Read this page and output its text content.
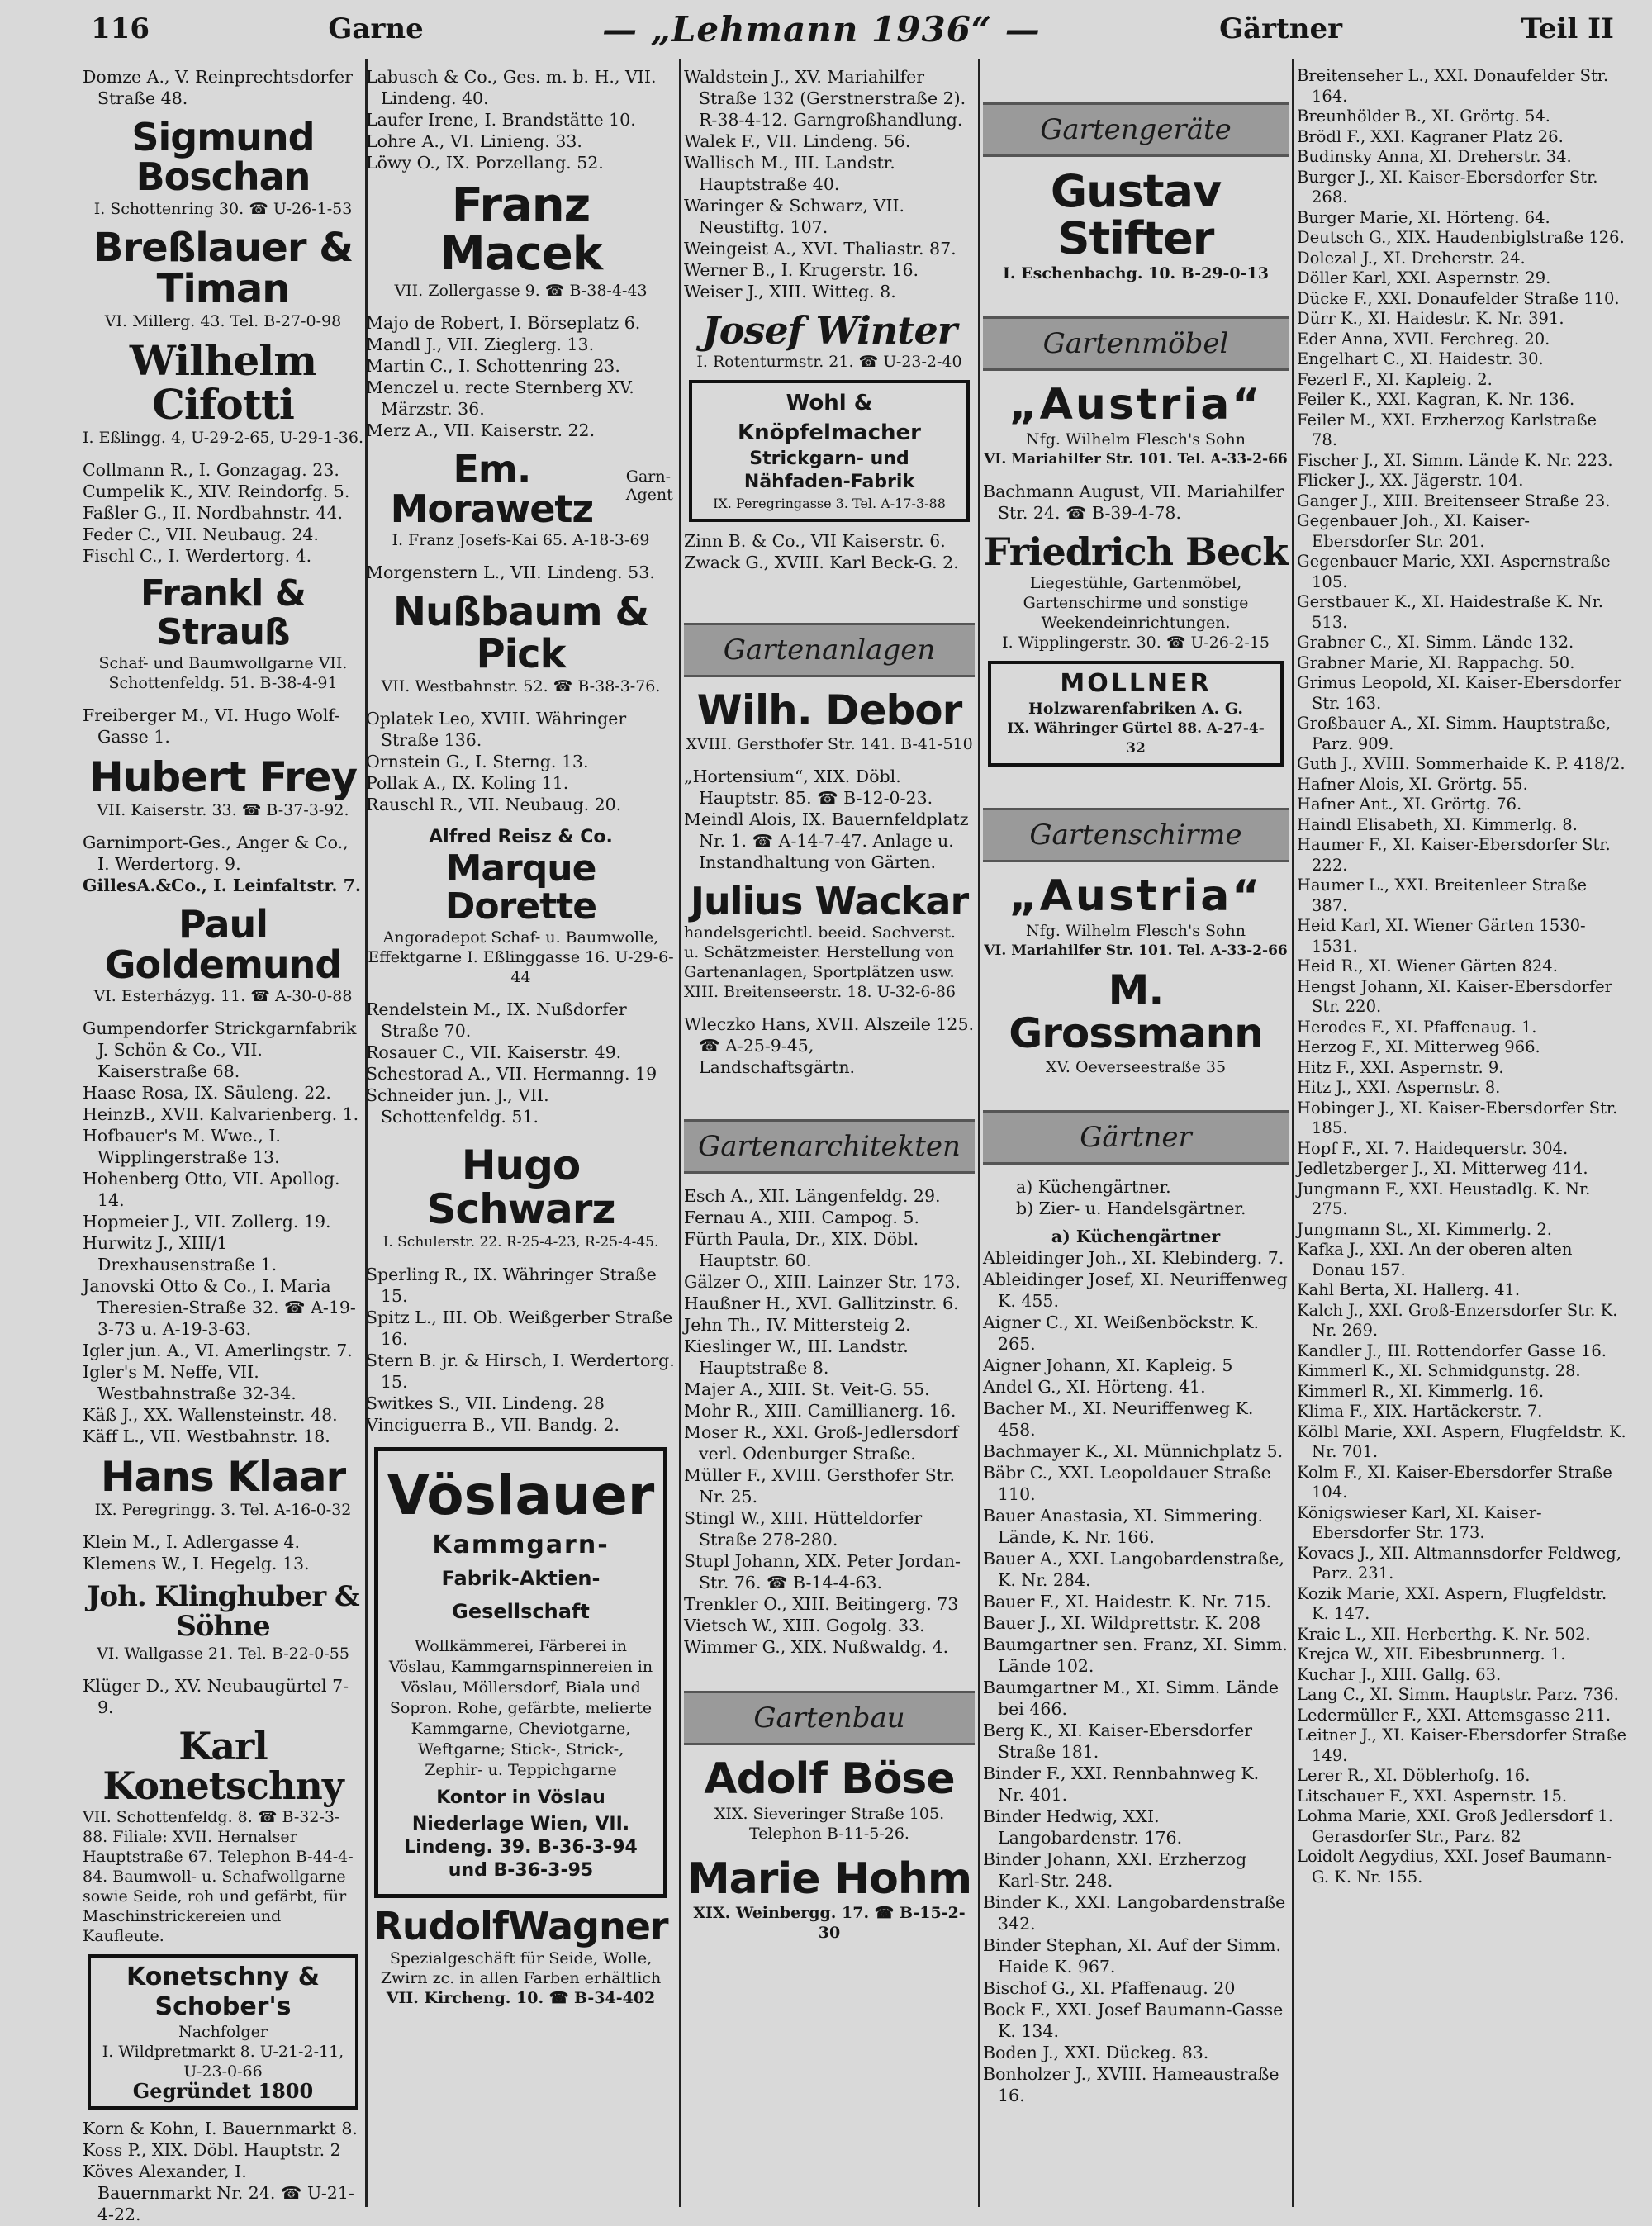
116	Garne	— „Lehmann 1936“ —	Gärtner	Teil II
Domze A., V. Reinprechtsdorfer Straße 48.
Sigmund Boschan
I. Schottenring 30. ☎ U-26-1-53
Breßlauer & Timan
VI. Millerg. 43. Tel. B-27-0-98
Wilhelm Cifotti
I. Eßlingg. 4, U-29-2-65, U-29-1-36.
Collmann R., I. Gonzagag. 23.
Cumpelik K., XIV. Reindorfg. 5.
Faßler G., II. Nordbahnstr. 44.
Feder C., VII. Neubaug. 24.
Fischl C., I. Werdertorg. 4.
Frankl & Strauß
Schaf- und Baumwollgarne VII. Schottenfeldg. 51. B-38-4-91
Freiberger M., VI. Hugo Wolf-Gasse 1.
Hubert Frey
VII. Kaiserstr. 33. ☎ B-37-3-92.
Garnimport-Ges., Anger & Co., I. Werdertorg. 9.
GillesA.&Co., I. Leinfaltstr. 7.
Paul Goldemund
VI. Esterházyg. 11. ☎ A-30-0-88
Gumpendorfer Strickgarnfabrik J. Schön & Co., VII. Kaiserstraße 68.
Haase Rosa, IX. Säuleng. 22.
HeinzB., XVII. Kalvarienberg. 1.
Hofbauer's M. Wwe., I. Wipplingerstraße 13.
Hohenberg Otto, VII. Apollog. 14.
Hopmeier J., VII. Zollerg. 19.
Hurwitz J., XIII/1 Drexhausenstraße 1.
Janovski Otto & Co., I. Maria Theresien-Straße 32. ☎ A-19-3-73 u. A-19-3-63.
Igler jun. A., VI. Amerlingstr. 7.
Igler's M. Neffe, VII. Westbahnstraße 32-34.
Käß J., XX. Wallensteinstr. 48.
Käff L., VII. Westbahnstr. 18.
Hans Klaar
IX. Peregringg. 3. Tel. A-16-0-32
Klein M., I. Adlergasse 4.
Klemens W., I. Hegelg. 13.
Joh. Klinghuber & Söhne
VI. Wallgasse 21. Tel. B-22-0-55
Klüger D., XV. Neubaugürtel 7-9.
Karl Konetschny
VII. Schottenfeldg. 8. ☎ B-32-3-88. Filiale: XVII. Hernalser Hauptstraße 67. Telephon B-44-4-84. Baumwoll- u. Schafwollgarne sowie Seide, roh und gefärbt, für Maschinstrickereien und Kaufleute.
Konetschny & Schober's
Nachfolger
I. Wildpretmarkt 8. U-21-2-11, U-23-0-66
Gegründet 1800
Korn & Kohn, I. Bauernmarkt 8.
Koss P., XIX. Döbl. Hauptstr. 2
Köves Alexander, I. Bauernmarkt Nr. 24. ☎ U-21-4-22.
Labusch & Co., Ges. m. b. H., VII. Lindeng. 40.
Laufer Irene, I. Brandstätte 10.
Lohre A., VI. Linieng. 33.
Löwy O., IX. Porzellang. 52.
Franz Macek
VII. Zollergasse 9. ☎ B-38-4-43
Majo de Robert, I. Börseplatz 6.
Mandl J., VII. Zieglerg. 13.
Martin C., I. Schottenring 23.
Menczel u. recte Sternberg XV. Märzstr. 36.
Merz A., VII. Kaiserstr. 22.
Em. Morawetz
Garn-Agent
I. Franz Josefs-Kai 65. A-18-3-69
Morgenstern L., VII. Lindeng. 53.
Nußbaum & Pick
VII. Westbahnstr. 52. ☎ B-38-3-76.
Oplatek Leo, XVIII. Währinger Straße 136.
Ornstein G., I. Sterng. 13.
Pollak A., IX. Koling 11.
Rauschl R., VII. Neubaug. 20.
Alfred Reisz & Co.
Marque Dorette
Angoradepot Schaf- u. Baumwolle, Effektgarne I. Eßlinggasse 16. U-29-6-44
Rendelstein M., IX. Nußdorfer Straße 70.
Rosauer C., VII. Kaiserstr. 49.
Schestorad A., VII. Hermanng. 19
Schneider jun. J., VII. Schottenfeldg. 51.
Hugo Schwarz
I. Schulerstr. 22. R-25-4-23, R-25-4-45.
Sperling R., IX. Währinger Straße 15.
Spitz L., III. Ob. Weißgerber Straße 16.
Stern B. jr. & Hirsch, I. Werdertorg. 15.
Switkes S., VII. Lindeng. 28
Vinciguerra B., VII. Bandg. 2.
Vöslauer
Kammgarn-
Fabrik-Aktien-Gesellschaft
Wollkämmerei, Färberei in Vöslau, Kammgarnspinnereien in Vöslau, Möllersdorf, Biala und Sopron. Rohe, gefärbte, melierte Kammgarne, Cheviotgarne, Weftgarne; Stick-, Strick-, Zephir- u. Teppichgarne
Kontor in Vöslau
Niederlage Wien, VII. Lindeng. 39. B-36-3-94 und B-36-3-95
RudolfWagner
Spezialgeschäft für Seide, Wolle, Zwirn zc. in allen Farben erhältlich
VII. Kircheng. 10. ☎ B-34-402
Waldstein J., XV. Mariahilfer Straße 132 (Gerstnerstraße 2). R-38-4-12. Garngroßhandlung.
Walek F., VII. Lindeng. 56.
Wallisch M., III. Landstr. Hauptstraße 40.
Waringer & Schwarz, VII. Neustiftg. 107.
Weingeist A., XVI. Thaliastr. 87.
Werner B., I. Krugerstr. 16.
Weiser J., XIII. Witteg. 8.
Josef Winter
I. Rotenturmstr. 21. ☎ U-23-2-40
Wohl & Knöpfelmacher
Strickgarn- und Nähfaden-Fabrik
IX. Peregringasse 3. Tel. A-17-3-88
Zinn B. & Co., VII Kaiserstr. 6.
Zwack G., XVIII. Karl Beck-G. 2.
Gartenanlagen
Wilh. Debor
XVIII. Gersthofer Str. 141. B-41-510
„Hortensium“, XIX. Döbl. Hauptstr. 85. ☎ B-12-0-23.
Meindl Alois, IX. Bauernfeldplatz Nr. 1. ☎ A-14-7-47. Anlage u. Instandhaltung von Gärten.
Julius Wackar
handelsgerichtl. beeid. Sachverst. u. Schätzmeister. Herstellung von Gartenanlagen, Sportplätzen usw. XIII. Breitenseerstr. 18. U-32-6-86
Wleczko Hans, XVII. Alszeile 125. ☎ A-25-9-45, Landschaftsgärtn.
Gartenarchitekten
Esch A., XII. Längenfeldg. 29.
Fernau A., XIII. Campog. 5.
Fürth Paula, Dr., XIX. Döbl. Hauptstr. 60.
Gälzer O., XIII. Lainzer Str. 173.
Haußner H., XVI. Gallitzinstr. 6.
Jehn Th., IV. Mittersteig 2.
Kieslinger W., III. Landstr. Hauptstraße 8.
Majer A., XIII. St. Veit-G. 55.
Mohr R., XIII. Camillianerg. 16.
Moser R., XXI. Groß-Jedlersdorf verl. Odenburger Straße.
Müller F., XVIII. Gersthofer Str. Nr. 25.
Stingl W., XIII. Hütteldorfer Straße 278-280.
Stupl Johann, XIX. Peter Jordan-Str. 76. ☎ B-14-4-63.
Trenkler O., XIII. Beitingerg. 73
Vietsch W., XIII. Gogolg. 33.
Wimmer G., XIX. Nußwaldg. 4.
Gartenbau
Adolf Böse
XIX. Sieveringer Straße 105. Telephon B-11-5-26.
Marie Hohm
XIX. Weinbergg. 17. ☎ B-15-2-30
Gartengeräte
Gustav Stifter
I. Eschenbachg. 10. B-29-0-13
Gartenmöbel
„Austria“
Nfg. Wilhelm Flesch's Sohn
VI. Mariahilfer Str. 101. Tel. A-33-2-66
Bachmann August, VII. Mariahilfer Str. 24. ☎ B-39-4-78.
Friedrich Beck
Liegestühle, Gartenmöbel, Gartenschirme und sonstige Weekendeinrichtungen.
I. Wipplingerstr. 30. ☎ U-26-2-15
MOLLNER
Holzwarenfabriken A. G.
IX. Währinger Gürtel 88. A-27-4-32
Gartenschirme
„Austria“
Nfg. Wilhelm Flesch's Sohn
VI. Mariahilfer Str. 101. Tel. A-33-2-66
M. Grossmann
XV. Oeverseestraße 35
Gärtner
a) Küchengärtner.
b) Zier- u. Handelsgärtner.
a) Küchengärtner
Ableidinger Joh., XI. Klebinderg. 7.
Ableidinger Josef, XI. Neuriffenweg K. 455.
Aigner C., XI. Weißenböckstr. K. 265.
Aigner Johann, XI. Kapleig. 5
Andel G., XI. Hörteng. 41.
Bacher M., XI. Neuriffenweg K. 458.
Bachmayer K., XI. Münnichplatz 5.
Bäbr C., XXI. Leopoldauer Straße 110.
Bauer Anastasia, XI. Simmering. Lände, K. Nr. 166.
Bauer A., XXI. Langobardenstraße, K. Nr. 284.
Bauer F., XI. Haidestr. K. Nr. 715.
Bauer J., XI. Wildprettstr. K. 208
Baumgartner sen. Franz, XI. Simm. Lände 102.
Baumgartner M., XI. Simm. Lände bei 466.
Berg K., XI. Kaiser-Ebersdorfer Straße 181.
Binder F., XXI. Rennbahnweg K. Nr. 401.
Binder Hedwig, XXI. Langobardenstr. 176.
Binder Johann, XXI. Erzherzog Karl-Str. 248.
Binder K., XXI. Langobardenstraße 342.
Binder Stephan, XI. Auf der Simm. Haide K. 967.
Bischof G., XI. Pfaffenaug. 20
Bock F., XXI. Josef Baumann-Gasse K. 134.
Boden J., XXI. Dückeg. 83.
Bonholzer J., XVIII. Hameaustraße 16.
Breitenseher L., XXI. Donaufelder Str. 164.
Breunhölder B., XI. Grörtg. 54.
Brödl F., XXI. Kagraner Platz 26.
Budinsky Anna, XI. Dreherstr. 34.
Burger J., XI. Kaiser-Ebersdorfer Str. 268.
Burger Marie, XI. Hörteng. 64.
Deutsch G., XIX. Haudenbiglstraße 126.
Dolezal J., XI. Dreherstr. 24.
Döller Karl, XXI. Aspernstr. 29.
Dücke F., XXI. Donaufelder Straße 110.
Dürr K., XI. Haidestr. K. Nr. 391.
Eder Anna, XVII. Ferchreg. 20.
Engelhart C., XI. Haidestr. 30.
Fezerl F., XI. Kapleig. 2.
Feiler K., XXI. Kagran, K. Nr. 136.
Feiler M., XXI. Erzherzog Karlstraße 78.
Fischer J., XI. Simm. Lände K. Nr. 223.
Flicker J., XX. Jägerstr. 104.
Ganger J., XIII. Breitenseer Straße 23.
Gegenbauer Joh., XI. Kaiser-Ebersdorfer Str. 201.
Gegenbauer Marie, XXI. Aspernstraße 105.
Gerstbauer K., XI. Haidestraße K. Nr. 513.
Grabner C., XI. Simm. Lände 132.
Grabner Marie, XI. Rappachg. 50.
Grimus Leopold, XI. Kaiser-Ebersdorfer Str. 163.
Großbauer A., XI. Simm. Hauptstraße, Parz. 909.
Guth J., XVIII. Sommerhaide K. P. 418/2.
Hafner Alois, XI. Grörtg. 55.
Hafner Ant., XI. Grörtg. 76.
Haindl Elisabeth, XI. Kimmerlg. 8.
Haumer F., XI. Kaiser-Ebersdorfer Str. 222.
Haumer L., XXI. Breitenleer Straße 387.
Heid Karl, XI. Wiener Gärten 1530-1531.
Heid R., XI. Wiener Gärten 824.
Hengst Johann, XI. Kaiser-Ebersdorfer Str. 220.
Herodes F., XI. Pfaffenaug. 1.
Herzog F., XI. Mitterweg 966.
Hitz F., XXI. Aspernstr. 9.
Hitz J., XXI. Aspernstr. 8.
Hobinger J., XI. Kaiser-Ebersdorfer Str. 185.
Hopf F., XI. 7. Haidequerstr. 304.
Jedletzberger J., XI. Mitterweg 414.
Jungmann F., XXI. Heustadlg. K. Nr. 275.
Jungmann St., XI. Kimmerlg. 2.
Kafka J., XXI. An der oberen alten Donau 157.
Kahl Berta, XI. Hallerg. 41.
Kalch J., XXI. Groß-Enzersdorfer Str. K. Nr. 269.
Kandler J., III. Rottendorfer Gasse 16.
Kimmerl K., XI. Schmidgunstg. 28.
Kimmerl R., XI. Kimmerlg. 16.
Klima F., XIX. Hartäckerstr. 7.
Kölbl Marie, XXI. Aspern, Flugfeldstr. K. Nr. 701.
Kolm F., XI. Kaiser-Ebersdorfer Straße 104.
Königswieser Karl, XI. Kaiser-Ebersdorfer Str. 173.
Kovacs J., XII. Altmannsdorfer Feldweg, Parz. 231.
Kozik Marie, XXI. Aspern, Flugfeldstr. K. 147.
Kraic L., XII. Herberthg. K. Nr. 502.
Krejca W., XII. Eibesbrunnerg. 1.
Kuchar J., XIII. Gallg. 63.
Lang C., XI. Simm. Hauptstr. Parz. 736.
Ledermüller F., XXI. Attemsgasse 211.
Leitner J., XI. Kaiser-Ebersdorfer Straße 149.
Lerer R., XI. Döblerhofg. 16.
Litschauer F., XXI. Aspernstr. 15.
Lohma Marie, XXI. Groß Jedlersdorf 1. Gerasdorfer Str., Parz. 82
Loidolt Aegydius, XXI. Josef Baumann-G. K. Nr. 155.
